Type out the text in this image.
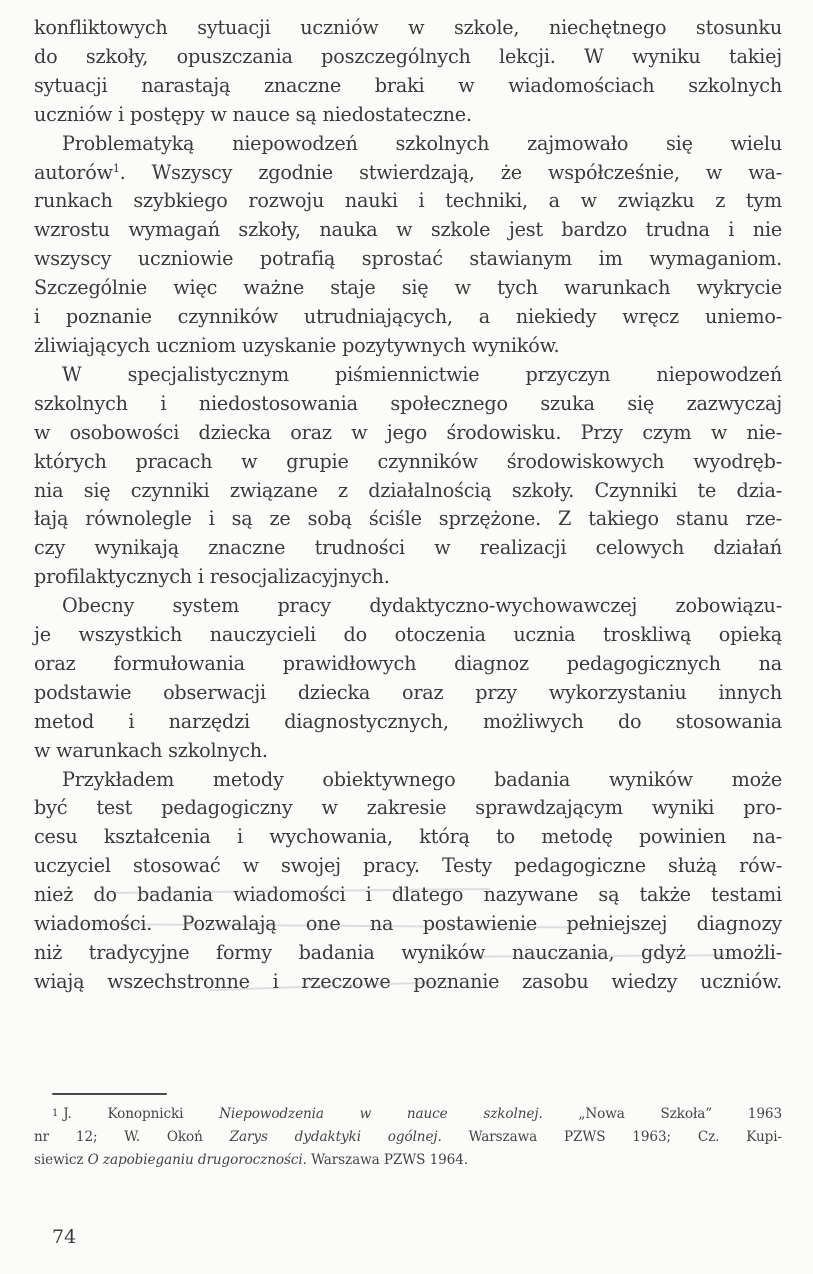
konfliktowych sytuacji uczniów w szkole, niechętnego stosunku
do szkoły, opuszczania poszczególnych lekcji. W wyniku takiej
sytuacji narastają znaczne braki w wiadomościach szkolnych
uczniów i postępy w nauce są niedostateczne.

Problematyką niepowodzeń szkolnych zajmowało się wielu
autorów$^1$. Wszyscy zgodnie stwierdzają, że współcześnie, w wa-
runkach szybkiego rozwoju nauki i techniki, a w związku z tym
wzrostu wymagań szkoły, nauka w szkole jest bardzo trudna i nie
wszyscy uczniowie potrafią sprostać stawianym im wymaganiom.
Szczególnie więc ważne staje się w tych warunkach wykrycie
i poznanie czynników utrudniających, a niekiedy wręcz uniemo-
żliwiających uczniom uzyskanie pozytywnych wyników.

W specjalistycznym piśmiennictwie przyczyn niepowodzeń
szkolnych i niedostosowania społecznego szuka się zazwyczaj
w osobowości dziecka oraz w jego środowisku. Przy czym w nie-
których pracach w grupie czynników środowiskowych wyodręb-
nia się czynniki związane z działalnością szkoły. Czynniki te dzia-
łają równolegle i są ze sobą ściśle sprzężone. Z takiego stanu rze-
czy wynikają znaczne trudności w realizacji celowych działań
profilaktycznych i resocjalizacyjnych.

Obecny system pracy dydaktyczno-wychowawczej zobowiązu-
je wszystkich nauczycieli do otoczenia ucznia troskliwą opieką
oraz formułowania prawidłowych diagnoz pedagogicznych na
podstawie obserwacji dziecka oraz przy wykorzystaniu innych
metod i narzędzi diagnostycznych, możliwych do stosowania
w warunkach szkolnych.

Przykładem metody obiektywnego badania wyników może
być test pedagogiczny w zakresie sprawdzającym wyniki pro-
cesu kształcenia i wychowania, którą to metodę powinien na-
uczyciel stosować w swojej pracy. Testy pedagogiczne służą rów-
nież do badania wiadomości i dlatego nazywane są także testami
wiadomości. Pozwalają one na postawienie pełniejszej diagnozy
niż tradycyjne formy badania wyników nauczania, gdyż umożli-
wiają wszechstronne i rzeczowe poznanie zasobu wiedzy uczniów.

1 J. Konopnicki Niepowodzenia w nauce szkolnej. „Nowa Szkoła” 1963
nr 12; W. Okoń Zarys dydaktyki ogólnej. Warszawa PZWS 1963; Cz. Kupi-
siewicz O zapobieganiu drugoroczności. Warszawa PZWS 1964.
74
